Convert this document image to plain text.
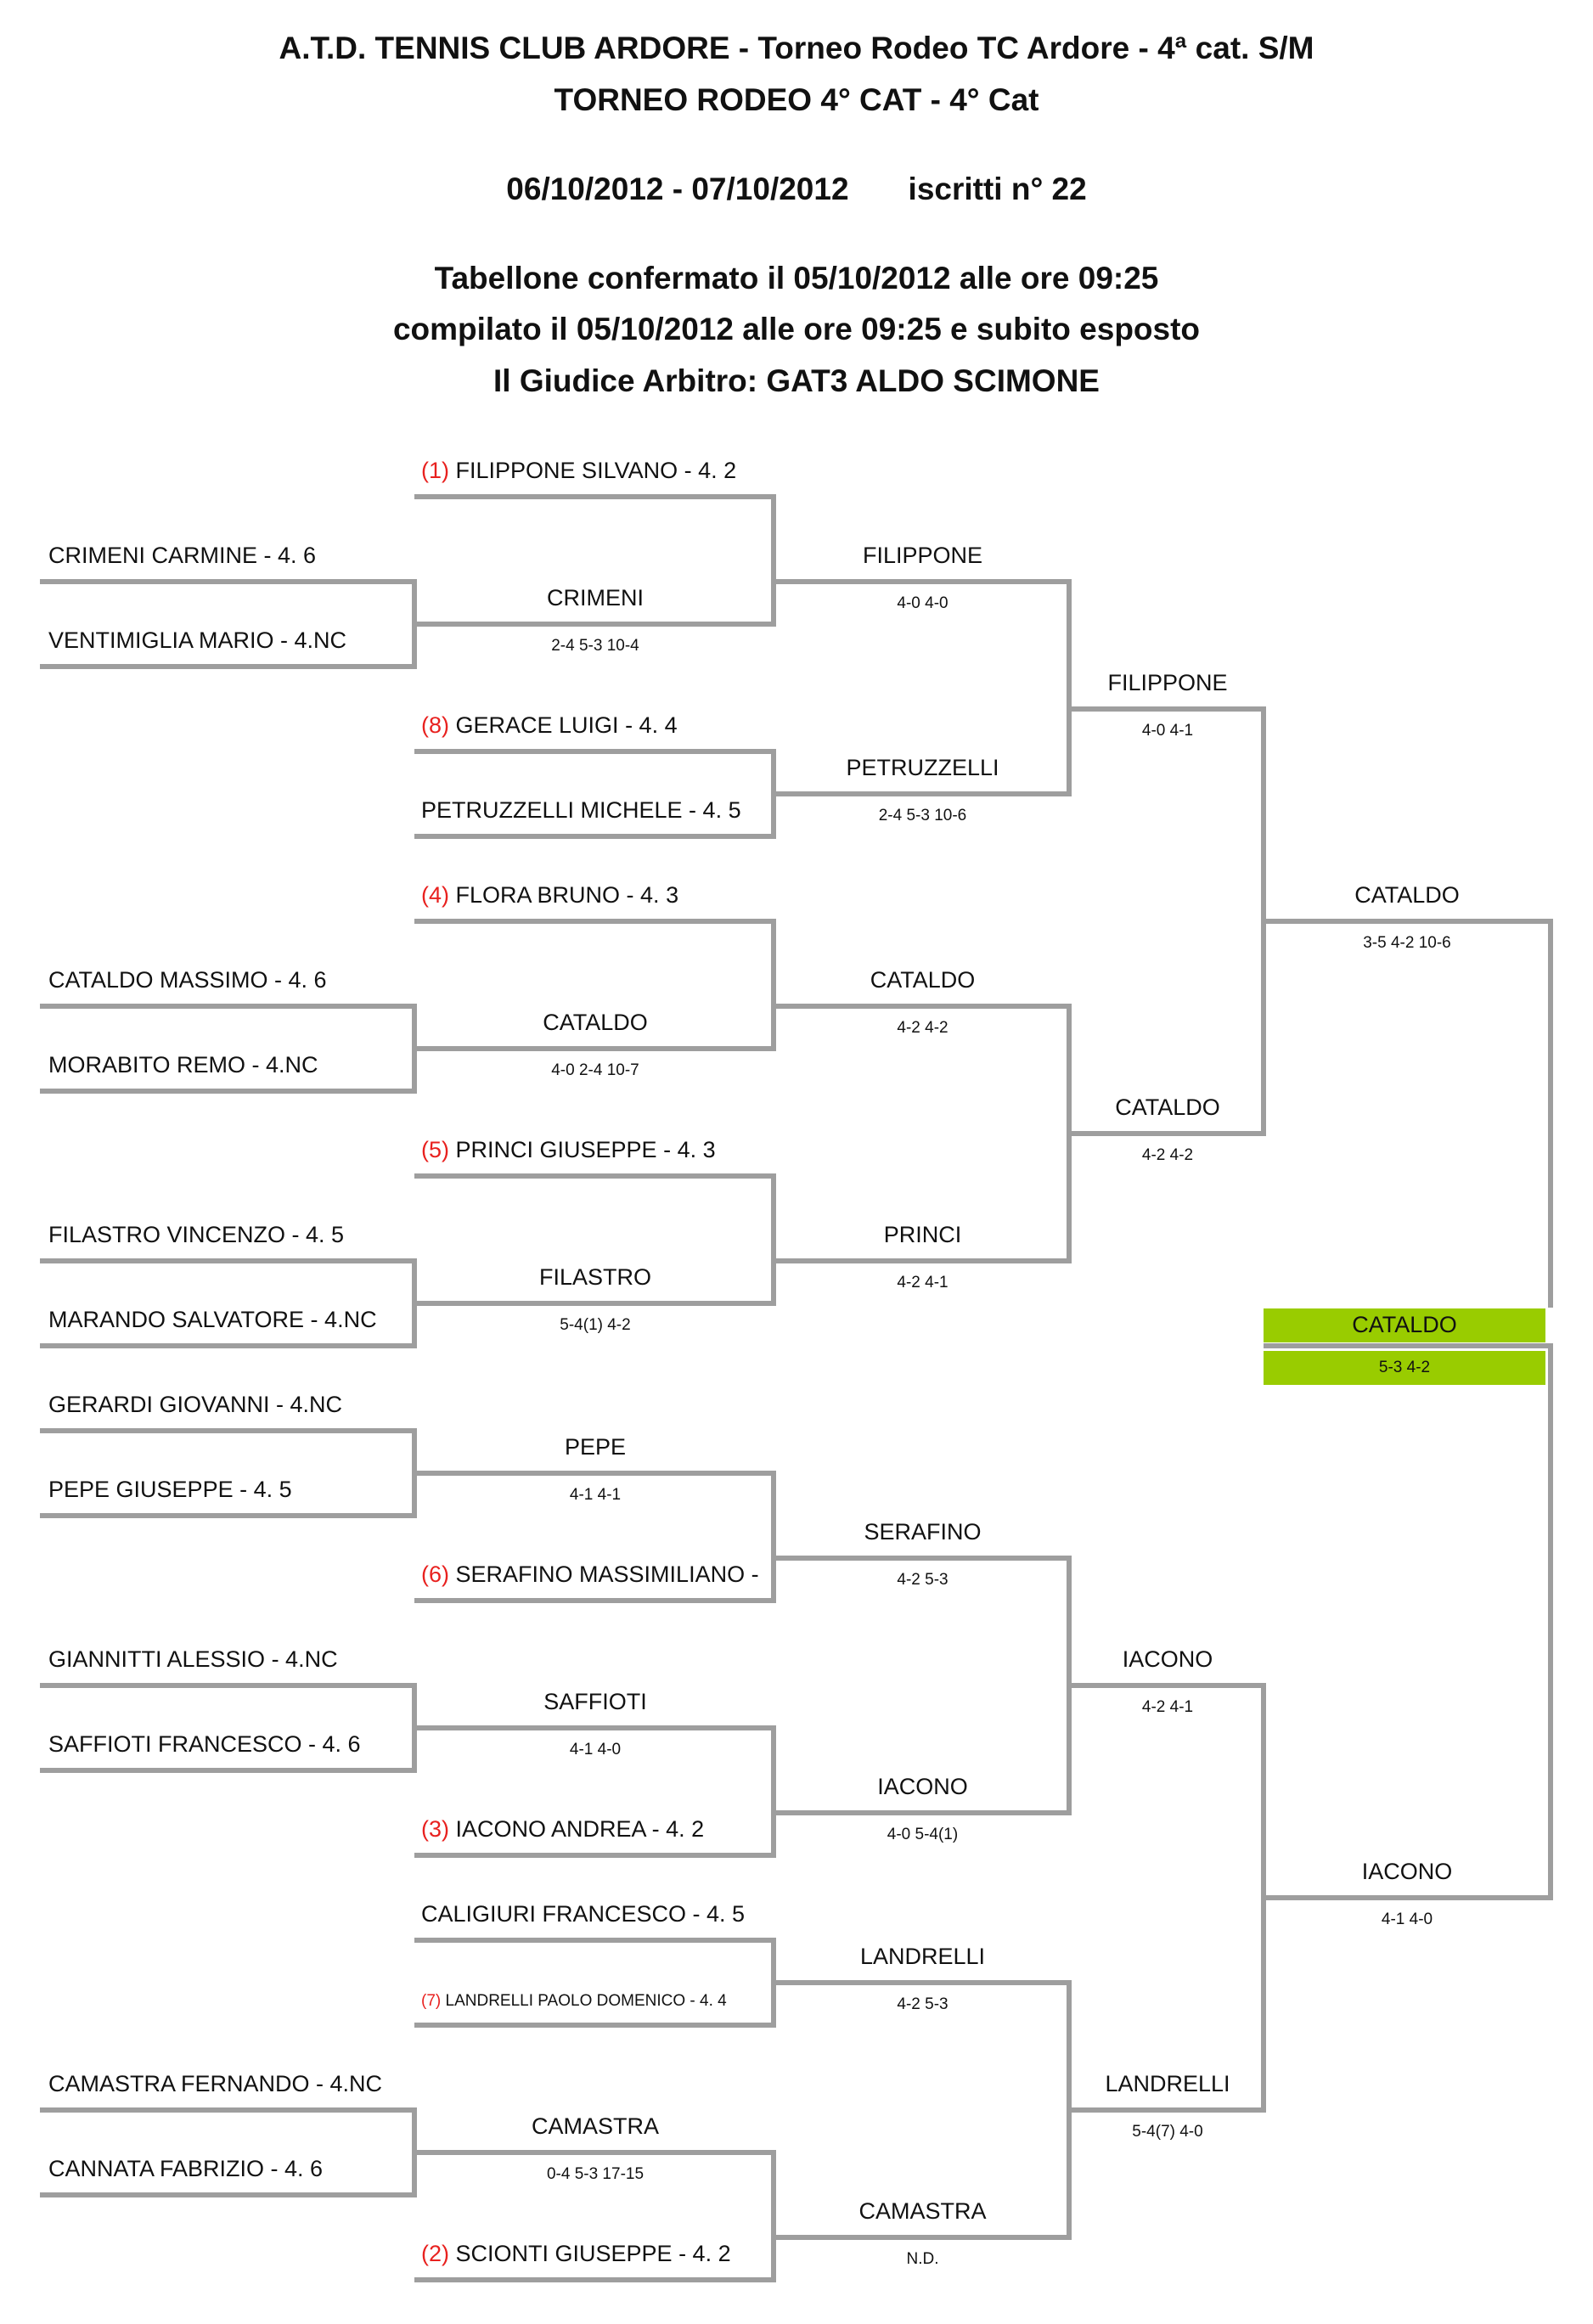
A.T.D. TENNIS CLUB ARDORE - Torneo Rodeo TC Ardore - 4ª cat. S/M
TORNEO RODEO 4° CAT - 4° Cat
06/10/2012 - 07/10/2012 iscritti n° 22
Tabellone confermato il 05/10/2012 alle ore 09:25
compilato il 05/10/2012 alle ore 09:25 e subito esposto
Il Giudice Arbitro: GAT3 ALDO SCIMONE
CATALDO
5-3 4-2
(1) FILIPPONE SILVANO - 4. 2
CRIMENI CARMINE - 4. 6
VENTIMIGLIA MARIO - 4.NC
(8) GERACE LUIGI - 4. 4
PETRUZZELLI MICHELE - 4. 5
(4) FLORA BRUNO - 4. 3
CATALDO MASSIMO - 4. 6
MORABITO REMO - 4.NC
(5) PRINCI GIUSEPPE - 4. 3
FILASTRO VINCENZO - 4. 5
MARANDO SALVATORE - 4.NC
GERARDI GIOVANNI - 4.NC
PEPE GIUSEPPE - 4. 5
(6) SERAFINO MASSIMILIANO -
GIANNITTI ALESSIO - 4.NC
SAFFIOTI FRANCESCO - 4. 6
(3) IACONO ANDREA - 4. 2
CALIGIURI FRANCESCO - 4. 5
(7) LANDRELLI PAOLO DOMENICO - 4. 4
CAMASTRA FERNANDO - 4.NC
CANNATA FABRIZIO - 4. 6
(2) SCIONTI GIUSEPPE - 4. 2
CRIMENI
2-4 5-3 10-4
CATALDO
4-0 2-4 10-7
FILASTRO
5-4(1) 4-2
PEPE
4-1 4-1
SAFFIOTI
4-1 4-0
CAMASTRA
0-4 5-3 17-15
FILIPPONE
4-0 4-0
PETRUZZELLI
2-4 5-3 10-6
CATALDO
4-2 4-2
PRINCI
4-2 4-1
SERAFINO
4-2 5-3
IACONO
4-0 5-4(1)
LANDRELLI
4-2 5-3
CAMASTRA
N.D.
FILIPPONE
4-0 4-1
CATALDO
4-2 4-2
IACONO
4-2 4-1
LANDRELLI
5-4(7) 4-0
CATALDO
3-5 4-2 10-6
IACONO
4-1 4-0
